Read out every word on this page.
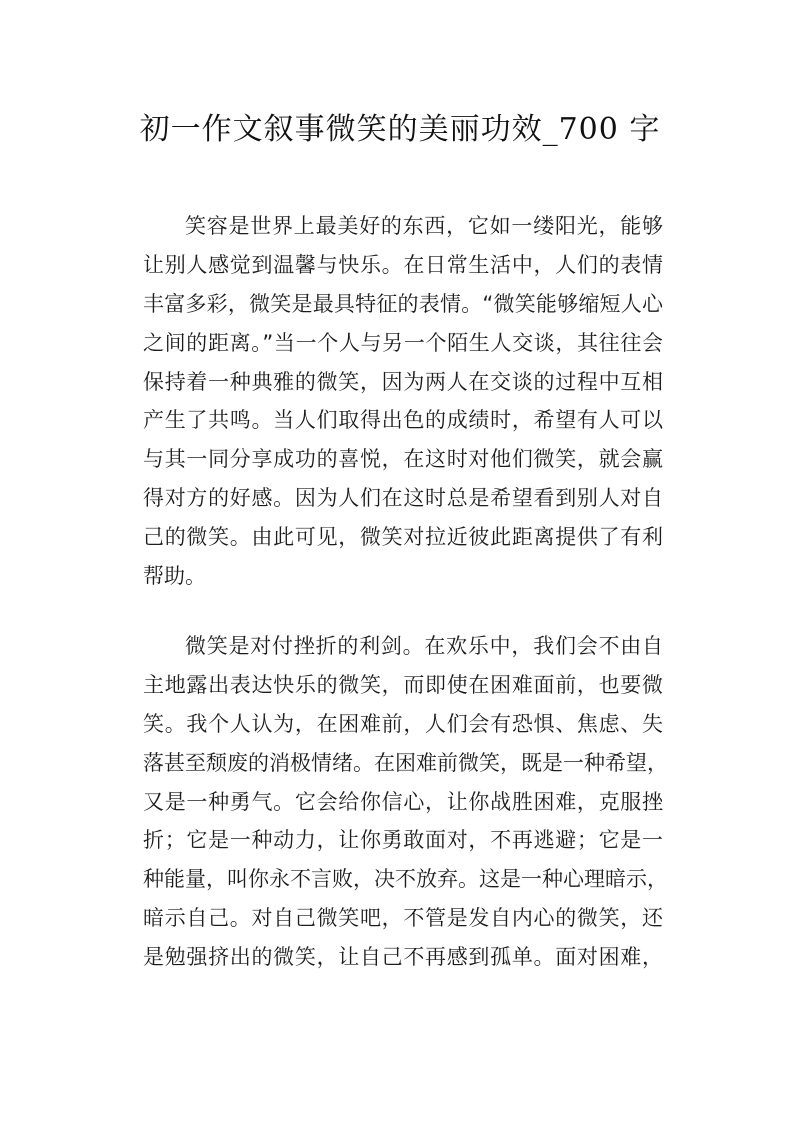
初一作文叙事微笑的美丽功效_700 字
笑容是世界上最美好的东西，它如一缕阳光，能够
让别人感觉到温馨与快乐。在日常生活中，人们的表情
丰富多彩，微笑是最具特征的表情。“微笑能够缩短人心
之间的距离。”当一个人与另一个陌生人交谈，其往往会
保持着一种典雅的微笑，因为两人在交谈的过程中互相
产生了共鸣。当人们取得出色的成绩时，希望有人可以
与其一同分享成功的喜悦，在这时对他们微笑，就会赢
得对方的好感。因为人们在这时总是希望看到别人对自
己的微笑。由此可见，微笑对拉近彼此距离提供了有利
帮助。
微笑是对付挫折的利剑。在欢乐中，我们会不由自
主地露出表达快乐的微笑，而即使在困难面前，也要微
笑。我个人认为，在困难前，人们会有恐惧、焦虑、失
落甚至颓废的消极情绪。在困难前微笑，既是一种希望，
又是一种勇气。它会给你信心，让你战胜困难，克服挫
折；它是一种动力，让你勇敢面对，不再逃避；它是一
种能量，叫你永不言败，决不放弃。这是一种心理暗示，
暗示自己。对自己微笑吧，不管是发自内心的微笑，还
是勉强挤出的微笑，让自己不再感到孤单。面对困难，
